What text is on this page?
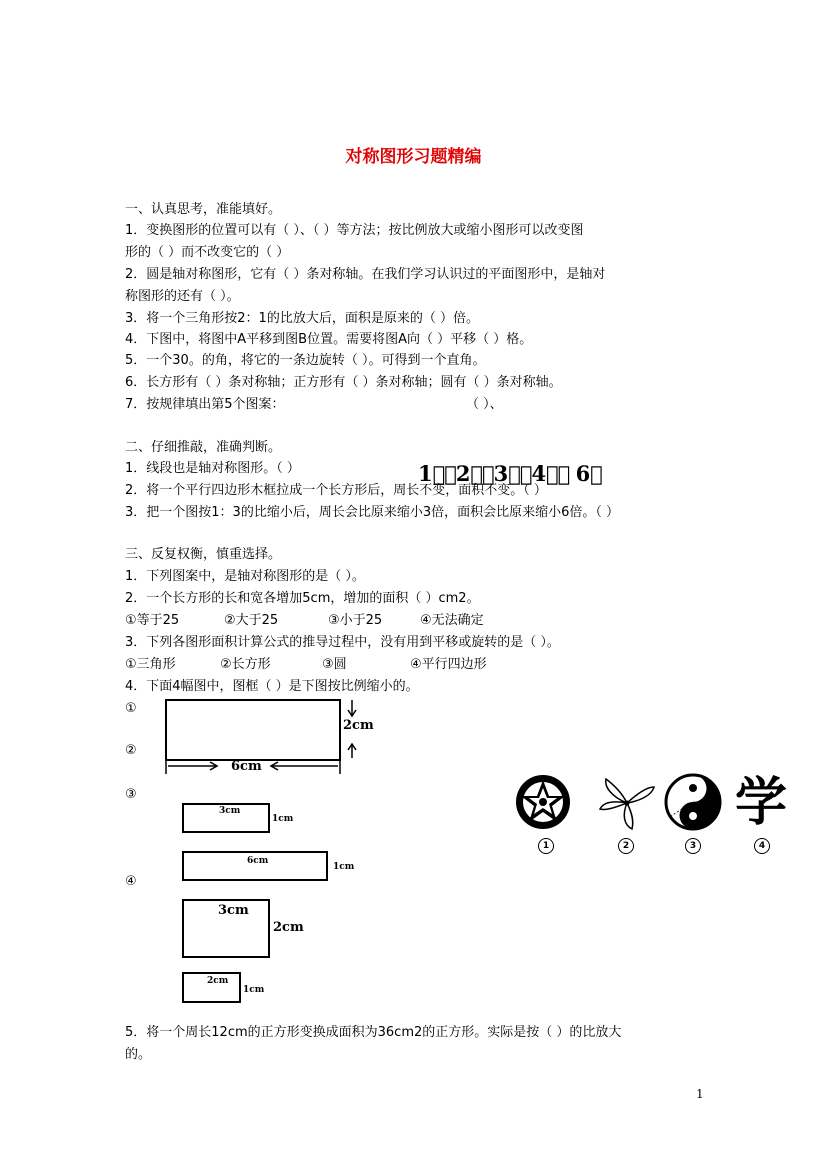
对称图形习题精编
一、认真思考，准能填好。
1．变换图形的位置可以有（ ）、（ ）等方法；按比例放大或缩小图形可以改变图
形的（ ）而不改变它的（ ）
2．圆是轴对称图形，它有（ ）条对称轴。在我们学习认识过的平面图形中，是轴对
称图形的还有（ ）。
3．将一个三角形按2：1的比放大后，面积是原来的（ ）倍。
4．下图中，将图中A平移到图B位置。需要将图A向（ ）平移（ ）格。
5．一个30。的角，将它的一条边旋转（ ）。可得到一个直角。
6．长方形有（ ）条对称轴；正方形有（ ）条对称轴；圆有（ ）条对称轴。
7．按规律填出第5个图案：	（ ）、
二、仔细推敲，准确判断。
1．线段也是轴对称图形。（ ）
2．将一个平行四边形木框拉成一个长方形后，周长不变，面积不变。（ ）
3．把一个图按1：3的比缩小后，周长会比原来缩小3倍，面积会比原来缩小6倍。（ ）
1⃝、2⃝、3⃝、4⃝、 6⃝
三、反复权衡，慎重选择。
1．下列图案中，是轴对称图形的是（ ）。
2．一个长方形的长和宽各增加5cm，增加的面积（ ）cm2。
①等于25	②大于25	③小于25	④无法确定
3．下列各图形面积计算公式的推导过程中，没有用到平移或旋转的是（ ）。
①三角形	②长方形	③圆	④平行四边形
4．下面4幅图中，图框（ ）是下图按比例缩小的。
①
②
③
④
6cm
2cm
3cm
1cm
6cm
1cm
3cm
2cm
2cm
1cm
学
1	2	3	4
5．将一个周长12cm的正方形变换成面积为36cm2的正方形。实际是按（ ）的比放大
的。
1
